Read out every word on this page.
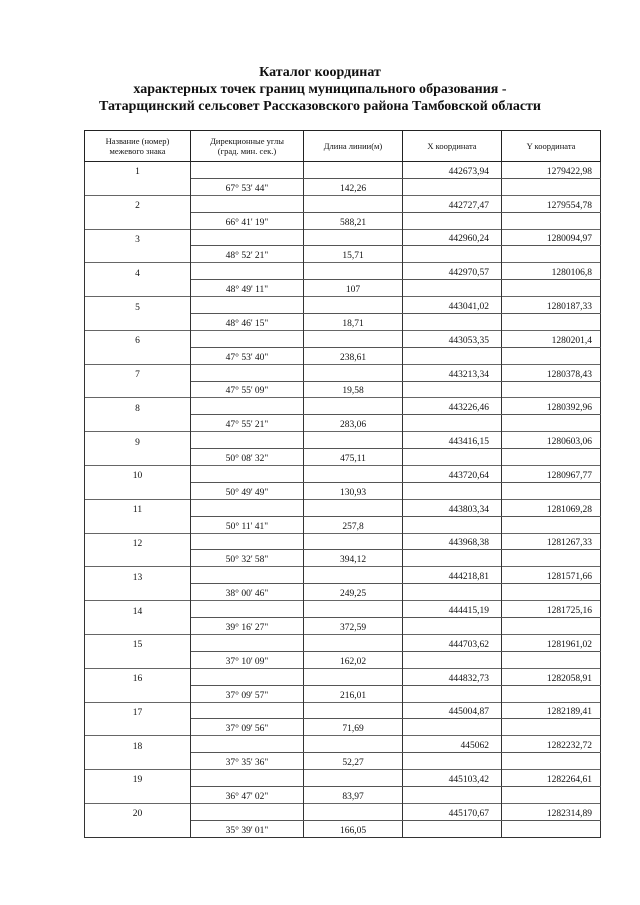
Каталог координат
характерных точек границ муниципального образования -
Татарщинский сельсовет Рассказовского района Тамбовской области
Название (номер)
межевого знака	Дирекционные углы
(град. мин. сек.)	Длина линии(м)	X координата	Y координата
1			442673,94	1279422,98
	67° 53' 44"	142,26		
2			442727,47	1279554,78
	66° 41' 19"	588,21		
3			442960,24	1280094,97
	48° 52' 21"	15,71		
4			442970,57	1280106,8
	48° 49' 11"	107		
5			443041,02	1280187,33
	48° 46' 15"	18,71		
6			443053,35	1280201,4
	47° 53' 40"	238,61		
7			443213,34	1280378,43
	47° 55' 09"	19,58		
8			443226,46	1280392,96
	47° 55' 21"	283,06		
9			443416,15	1280603,06
	50° 08' 32"	475,11		
10			443720,64	1280967,77
	50° 49' 49"	130,93		
11			443803,34	1281069,28
	50° 11' 41"	257,8		
12			443968,38	1281267,33
	50° 32' 58"	394,12		
13			444218,81	1281571,66
	38° 00' 46"	249,25		
14			444415,19	1281725,16
	39° 16' 27"	372,59		
15			444703,62	1281961,02
	37° 10' 09"	162,02		
16			444832,73	1282058,91
	37° 09' 57"	216,01		
17			445004,87	1282189,41
	37° 09' 56"	71,69		
18			445062	1282232,72
	37° 35' 36"	52,27		
19			445103,42	1282264,61
	36° 47' 02"	83,97		
20			445170,67	1282314,89
	35° 39' 01"	166,05		
